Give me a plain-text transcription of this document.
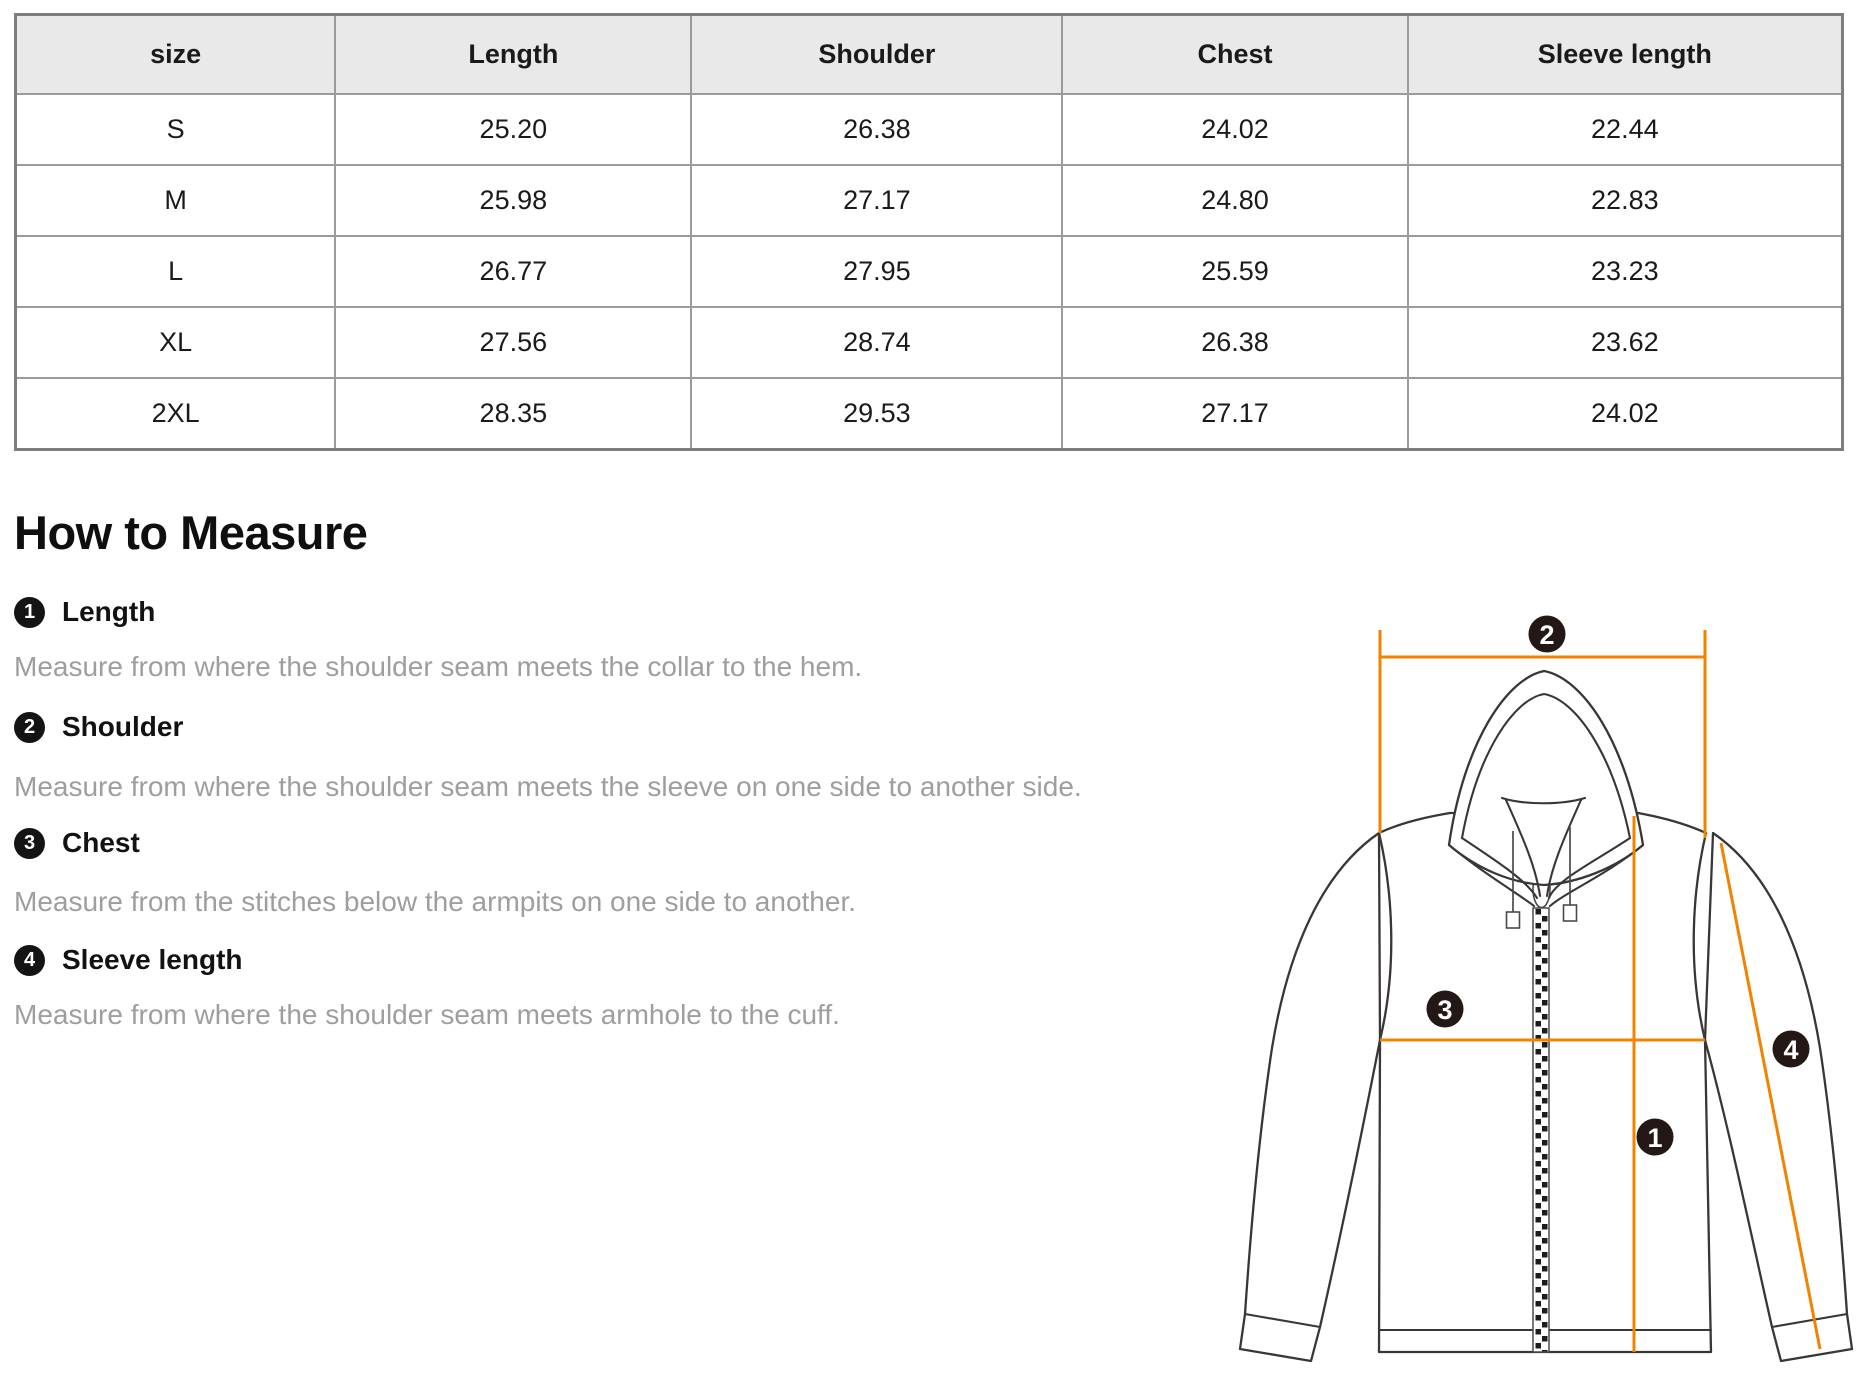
size	Length	Shoulder	Chest	Sleeve length
S	25.20	26.38	24.02	22.44
M	25.98	27.17	24.80	22.83
L	26.77	27.95	25.59	23.23
XL	27.56	28.74	26.38	23.62
2XL	28.35	29.53	27.17	24.02
How to Measure
1 Length
Measure from where the shoulder seam meets the collar to the hem.
2 Shoulder
Measure from where the shoulder seam meets the sleeve on one side to another side.
3 Chest
Measure from the stitches below the armpits on one side to another.
4 Sleeve length
Measure from where the shoulder seam meets armhole to the cuff.
2
3
1
4
